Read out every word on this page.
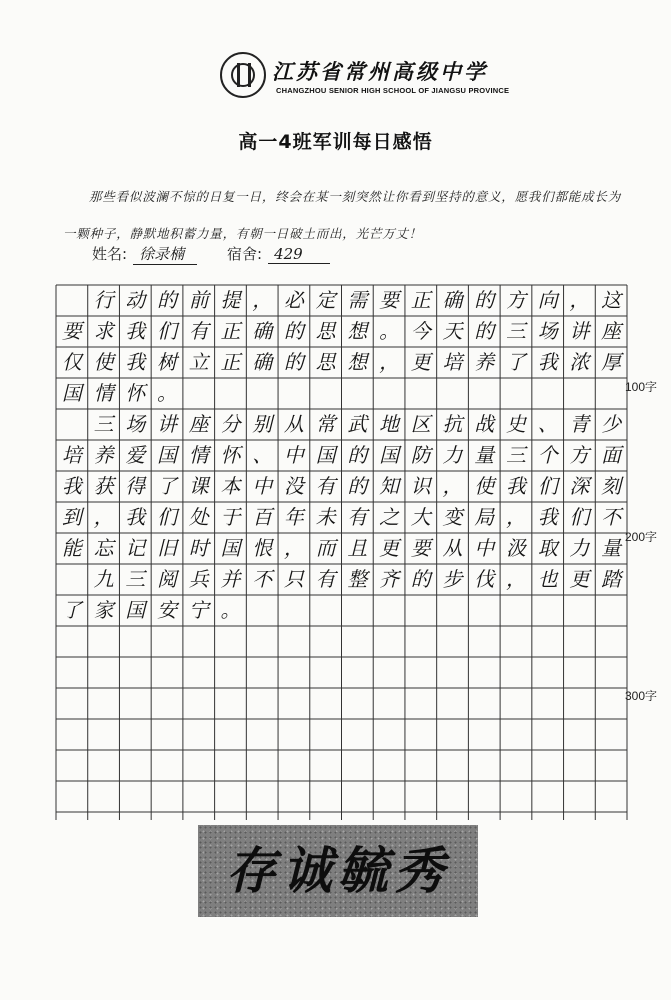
江苏省常州高级中学
CHANGZHOU SENIOR HIGH SCHOOL OF JIANGSU PROVINCE
高一4班军训每日感悟
那些看似波澜不惊的日复一日，终会在某一刻突然让你看到坚持的意义，愿我们都能成长为一颗种子，静默地积蓄力量，有朝一日破土而出，光芒万丈！
姓名: 徐录楠	宿舍: 429
行 动 的 前 提 ， 必 定 需 要 正 确 的 方 向 ， 这
要 求 我 们 有 正 确 的 思 想 。 今 天 的 三 场 讲 座
仅 使 我 树 立 正 确 的 思 想 ， 更 培 养 了 我 浓 厚
国 情 怀 。
三 场 讲 座 分 别 从 常 武 地 区 抗 战 史 、 青 少
培 养 爱 国 情 怀 、 中 国 的 国 防 力 量 三 个 方 面
我 获 得 了 课 本 中 没 有 的 知 识 ， 使 我 们 深 刻
到 ， 我 们 处 于 百 年 未 有 之 大 变 局 ， 我 们 不
能 忘 记 旧 时 国 恨 ， 而 且 更 要 从 中 汲 取 力 量
九 三 阅 兵 并 不 只 有 整 齐 的 步 伐 ， 也 更 踏
了 家 国 安 宁 。
100字
200字
300字
存诚毓秀
